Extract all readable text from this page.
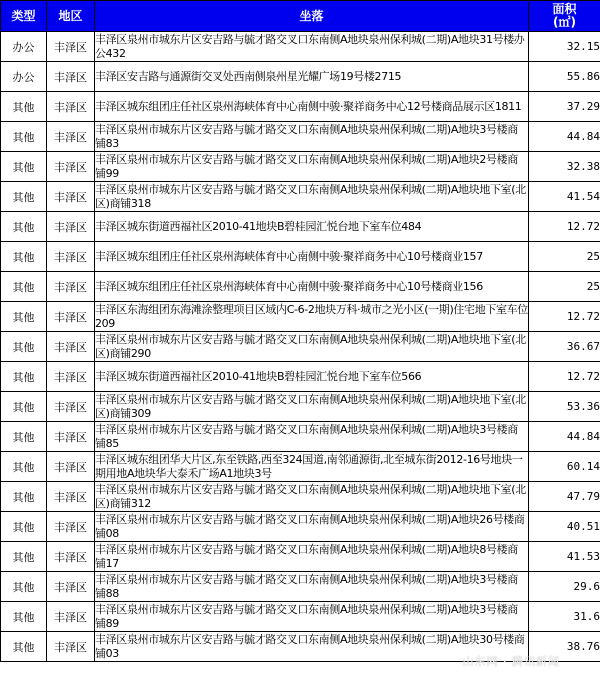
类型	地区	坐落	面积
(㎡)
办公	丰泽区	丰泽区泉州市城东片区安吉路与毓才路交叉口东南侧A地块泉州保利城(二期)A地块31号楼办公432	32.15
办公	丰泽区	丰泽区安吉路与通源街交叉处西南侧泉州星光耀广场19号楼2715	55.86
其他	丰泽区	丰泽区城东组团庄任社区泉州海峡体育中心南侧中骏·聚祥商务中心12号楼商品展示区1811	37.29
其他	丰泽区	丰泽区泉州市城东片区安吉路与毓才路交叉口东南侧A地块泉州保利城(二期)A地块3号楼商铺83	44.84
其他	丰泽区	丰泽区泉州市城东片区安吉路与毓才路交叉口东南侧A地块泉州保利城(二期)A地块2号楼商铺99	32.38
其他	丰泽区	丰泽区泉州市城东片区安吉路与毓才路交叉口东南侧A地块泉州保利城(二期)A地块地下室(北区)商铺318	41.54
其他	丰泽区	丰泽区城东街道西福社区2010-41地块B碧桂园汇悦台地下室车位484	12.72
其他	丰泽区	丰泽区城东组团庄任社区泉州海峡体育中心南侧中骏·聚祥商务中心10号楼商业157	25
其他	丰泽区	丰泽区城东组团庄任社区泉州海峡体育中心南侧中骏·聚祥商务中心10号楼商业156	25
其他	丰泽区	丰泽区东海组团东海滩涂整理项目区域内C-6-2地块万科·城市之光小区(一期)住宅地下室车位 209	12.72
其他	丰泽区	丰泽区泉州市城东片区安吉路与毓才路交叉口东南侧A地块泉州保利城(二期)A地块地下室(北区)商铺290	36.67
其他	丰泽区	丰泽区城东街道西福社区2010-41地块B碧桂园汇悦台地下室车位566	12.72
其他	丰泽区	丰泽区泉州市城东片区安吉路与毓才路交叉口东南侧A地块泉州保利城(二期)A地块地下室(北区)商铺309	53.36
其他	丰泽区	丰泽区泉州市城东片区安吉路与毓才路交叉口东南侧A地块泉州保利城(二期)A地块3号楼商铺85	44.84
其他	丰泽区	丰泽区城东组团华大片区,东至铁路,西至324国道,南邻通源街,北至城东街2012-16号地块一期用地A地块华大泰禾广场A1地块3号	60.14
其他	丰泽区	丰泽区泉州市城东片区安吉路与毓才路交叉口东南侧A地块泉州保利城(二期)A地块地下室(北区)商铺312	47.79
其他	丰泽区	丰泽区泉州市城东片区安吉路与毓才路交叉口东南侧A地块泉州保利城(二期)A地块26号楼商铺08	40.51
其他	丰泽区	丰泽区泉州市城东片区安吉路与毓才路交叉口东南侧A地块泉州保利城(二期)A地块8号楼商铺17	41.53
其他	丰泽区	丰泽区泉州市城东片区安吉路与毓才路交叉口东南侧A地块泉州保利城(二期)A地块3号楼商铺88	29.6
其他	丰泽区	丰泽区泉州市城东片区安吉路与毓才路交叉口东南侧A地块泉州保利城(二期)A地块3号楼商铺89	31.6
其他	丰泽区	丰泽区泉州市城东片区安吉路与毓才路交叉口东南侧A地块泉州保利城(二期)A地块30号楼商铺03	38.76
山东网 · 腾讯新闻
